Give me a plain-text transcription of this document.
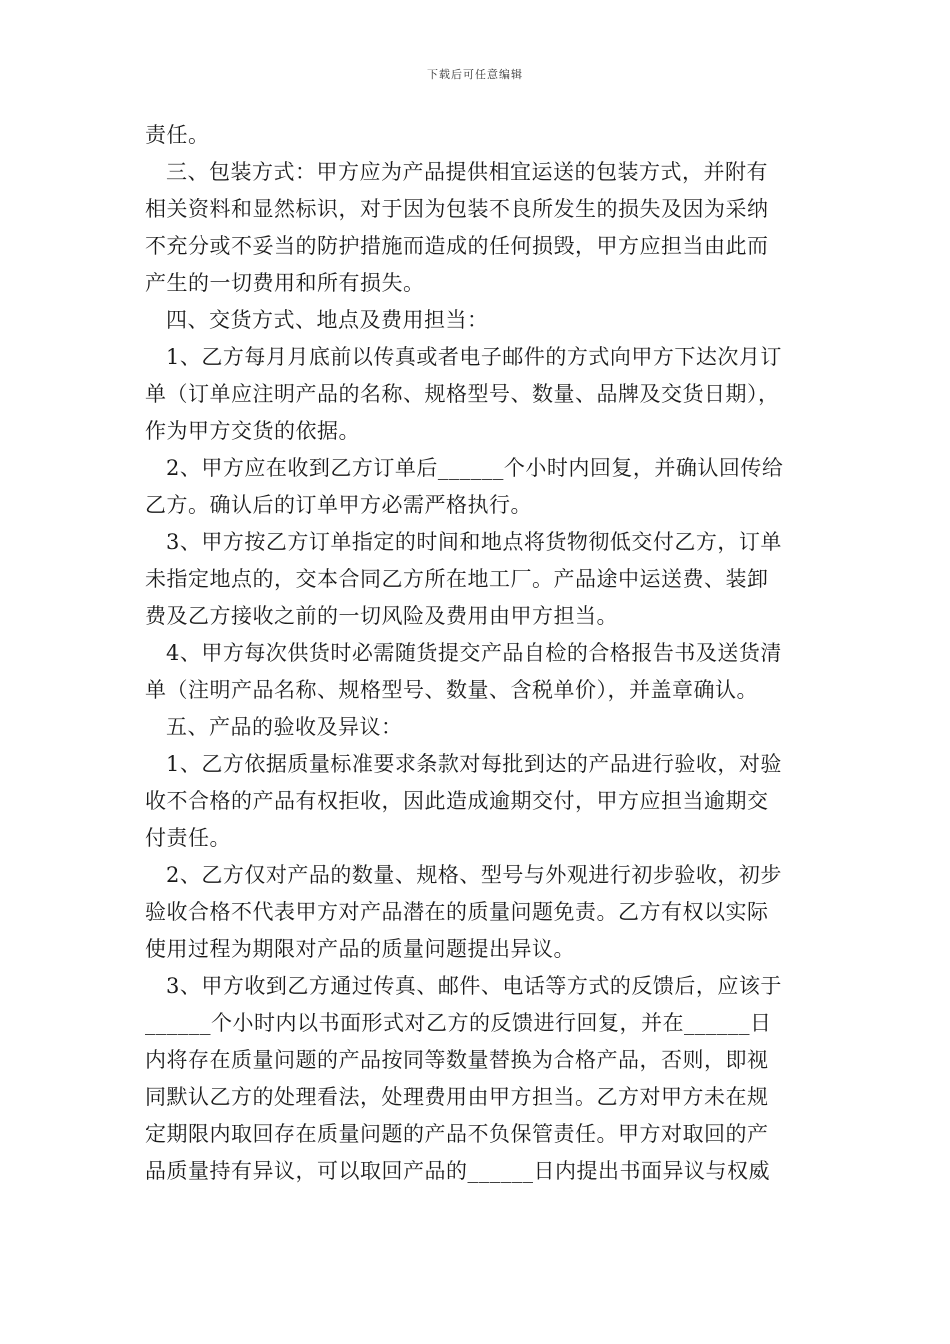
下载后可任意编辑
责任。
三、包装方式：甲方应为产品提供相宜运送的包装方式，并附有
相关资料和显然标识，对于因为包装不良所发生的损失及因为采纳
不充分或不妥当的防护措施而造成的任何损毁，甲方应担当由此而
产生的一切费用和所有损失。
四、交货方式、地点及费用担当：
1、乙方每月月底前以传真或者电子邮件的方式向甲方下达次月订
单（订单应注明产品的名称、规格型号、数量、品牌及交货日期），
作为甲方交货的依据。
2、甲方应在收到乙方订单后______个小时内回复，并确认回传给
乙方。确认后的订单甲方必需严格执行。
3、甲方按乙方订单指定的时间和地点将货物彻低交付乙方，订单
未指定地点的，交本合同乙方所在地工厂。产品途中运送费、装卸
费及乙方接收之前的一切风险及费用由甲方担当。
4、甲方每次供货时必需随货提交产品自检的合格报告书及送货清
单（注明产品名称、规格型号、数量、含税单价），并盖章确认。
五、产品的验收及异议：
1、乙方依据质量标准要求条款对每批到达的产品进行验收，对验
收不合格的产品有权拒收，因此造成逾期交付，甲方应担当逾期交
付责任。
2、乙方仅对产品的数量、规格、型号与外观进行初步验收，初步
验收合格不代表甲方对产品潜在的质量问题免责。乙方有权以实际
使用过程为期限对产品的质量问题提出异议。
3、甲方收到乙方通过传真、邮件、电话等方式的反馈后，应该于
______个小时内以书面形式对乙方的反馈进行回复，并在______日
内将存在质量问题的产品按同等数量替换为合格产品，否则，即视
同默认乙方的处理看法，处理费用由甲方担当。乙方对甲方未在规
定期限内取回存在质量问题的产品不负保管责任。甲方对取回的产
品质量持有异议，可以取回产品的______日内提出书面异议与权威
